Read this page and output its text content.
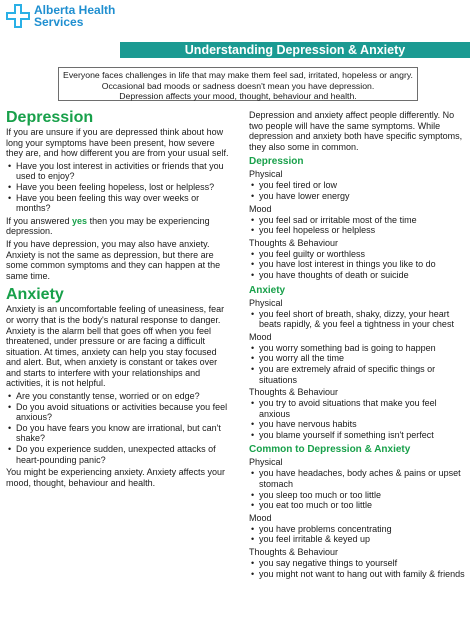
Alberta Health
Services
Understanding Depression & Anxiety
Everyone faces challenges in life that may make them feel sad, irritated, hopeless or angry.
Occasional bad moods or sadness doesn't mean you have depression.
Depression affects your mood, thought, behaviour and health.
Depression

If you are unsure if you are depressed think about how long your symptoms have been present, how severe they are, and how different you are from your usual self.

• Have you lost interest in activities or friends that you used to enjoy?
• Have you been feeling hopeless, lost or helpless?
• Have you been feeling this way over weeks or months?

If you answered yes then you may be experiencing depression.

If you have depression, you may also have anxiety. Anxiety is not the same as depression, but there are some common symptoms and they can happen at the same time.

Anxiety

Anxiety is an uncomfortable feeling of uneasiness, fear or worry that is the body's natural response to danger. Anxiety is the alarm bell that goes off when you feel threatened, under pressure or are facing a difficult situation. At times, anxiety can help you stay focused and alert. But, when anxiety is constant or takes over and starts to interfere with your relationships and activities, it is not helpful.

• Are you constantly tense, worried or on edge?
• Do you avoid situations or activities because you feel anxious?
• Do you have fears you know are irrational, but can't shake?
• Do you experience sudden, unexpected attacks of heart-pounding panic?

You might be experiencing anxiety. Anxiety affects your mood, thought, behaviour and health.

Depression and anxiety affect people differently. No two people will have the same symptoms. While depression and anxiety both have specific symptoms, they also some in common.

Depression
Physical
• you feel tired or low
• you have lower energy
Mood
• you feel sad or irritable most of the time
• you feel hopeless or helpless
Thoughts & Behaviour
• you feel guilty or worthless
• you have lost interest in things you like to do
• you have thoughts of death or suicide
Anxiety
Physical
• you feel short of breath, shaky, dizzy, your heart beats rapidly, & you feel a tightness in your chest
Mood
• you worry something bad is going to happen
• you worry all the time
• you are extremely afraid of specific things or situations
Thoughts & Behaviour
• you try to avoid situations that make you feel anxious
• you have nervous habits
• you blame yourself if something isn't perfect
Common to Depression & Anxiety
Physical
• you have headaches, body aches & pains or upset stomach
• you sleep too much or too little
• you eat too much or too little
Mood
• you have problems concentrating
• you feel irritable & keyed up
Thoughts & Behaviour
• you say negative things to yourself
• you might not want to hang out with family & friends
